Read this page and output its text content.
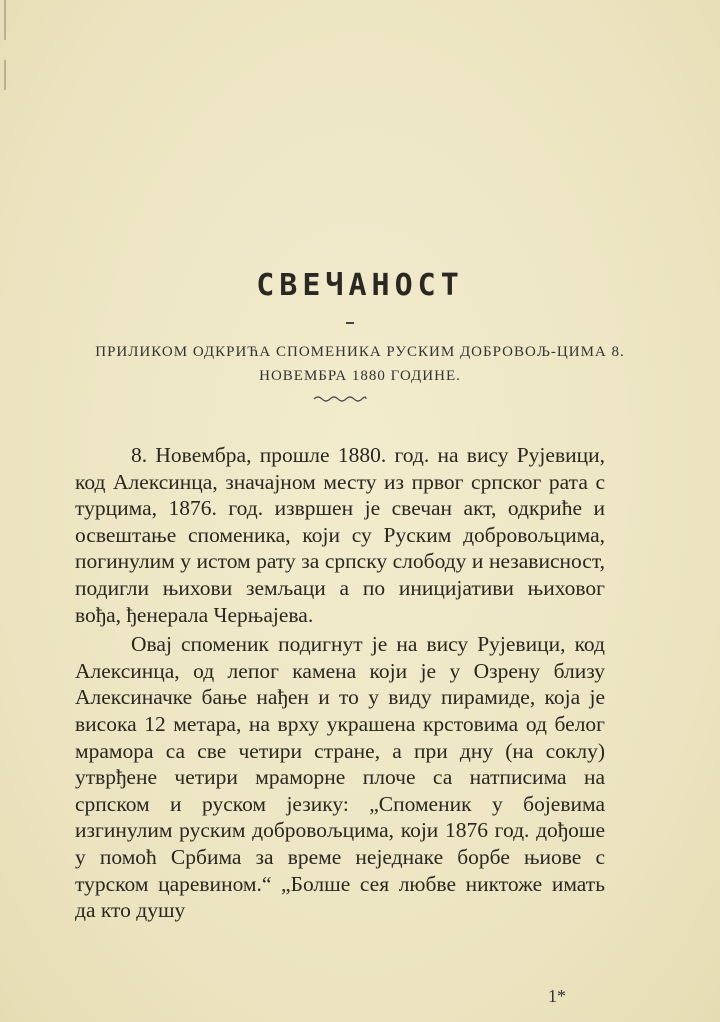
СВЕЧАНОСТ
ПРИЛИКОМ ОДКРИЋА СПОМЕНИКА РУСКИМ ДОБРОВОЉ-ЦИМА 8. НОВЕМБРА 1880 ГОДИНЕ.

8. Новембра, прошле 1880. год. на вису Рујевици, код Алексинца, значајном месту из првог српског рата с турцима, 1876. год. извршен је свечан акт, одкриће и освештање споменика, који су Руским добровољцима, погинулим у истом рату за српску слободу и независност, подигли њихови земљаци а по иницијативи њиховог вођа, ђенерала Черњајева.

Овај споменик подигнут је на вису Рујевици, код Алексинца, од лепог камена који је у Озрену близу Алексиначке бање нађен и то у виду пирамиде, која је висока 12 метара, на врху украшена крстовима од белог мрамора са све четири стране, а при дну (на соклу) утврђене четири мраморне плоче са натписима на српском и руском језику: „Споменик у бојевима изгинулим руским добровољцима, који 1876 год. дођоше у помоћ Србима за време неједнаке борбе њиове с турском царевином.“ „Болше сея любве никтоже имать да кто душу

1*
